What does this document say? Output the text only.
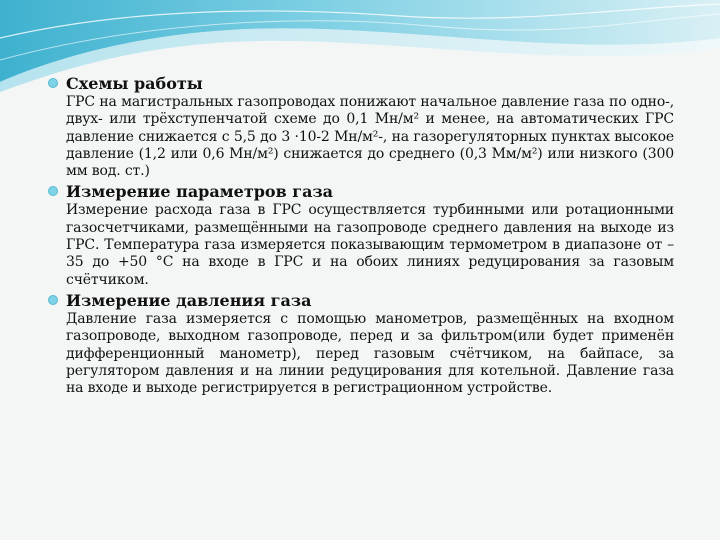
Схемы работы
ГРС на магистральных газопроводах понижают начальное давление газа по одно-, двух- или трёхступенчатой схеме до 0,1 Мн/м² и менее, на автоматических ГРС давление снижается с 5,5 до 3 ·10-2 Мн/м²-, на газорегуляторных пунктах высокое давление (1,2 или 0,6 Мн/м²) снижается до среднего (0,3 Мм/м²) или низкого (300 мм вод. ст.)
Измерение параметров газа
Измерение расхода газа в ГРС осуществляется турбинными или ротационными газосчетчиками, размещёнными на газопроводе среднего давления на выходе из ГРС. Температура газа измеряется показывающим термометром в диапазоне от –35 до +50 °С на входе в ГРС и на обоих линиях редуцирования за газовым счётчиком.
Измерение давления газа
Давление газа измеряется с помощью манометров, размещённых на входном газопроводе, выходном газопроводе, перед и за фильтром(или будет применён дифференционный манометр), перед газовым счётчиком, на байпасе, за регулятором давления и на линии редуцирования для котельной. Давление газа на входе и выходе регистрируется в регистрационном устройстве.
